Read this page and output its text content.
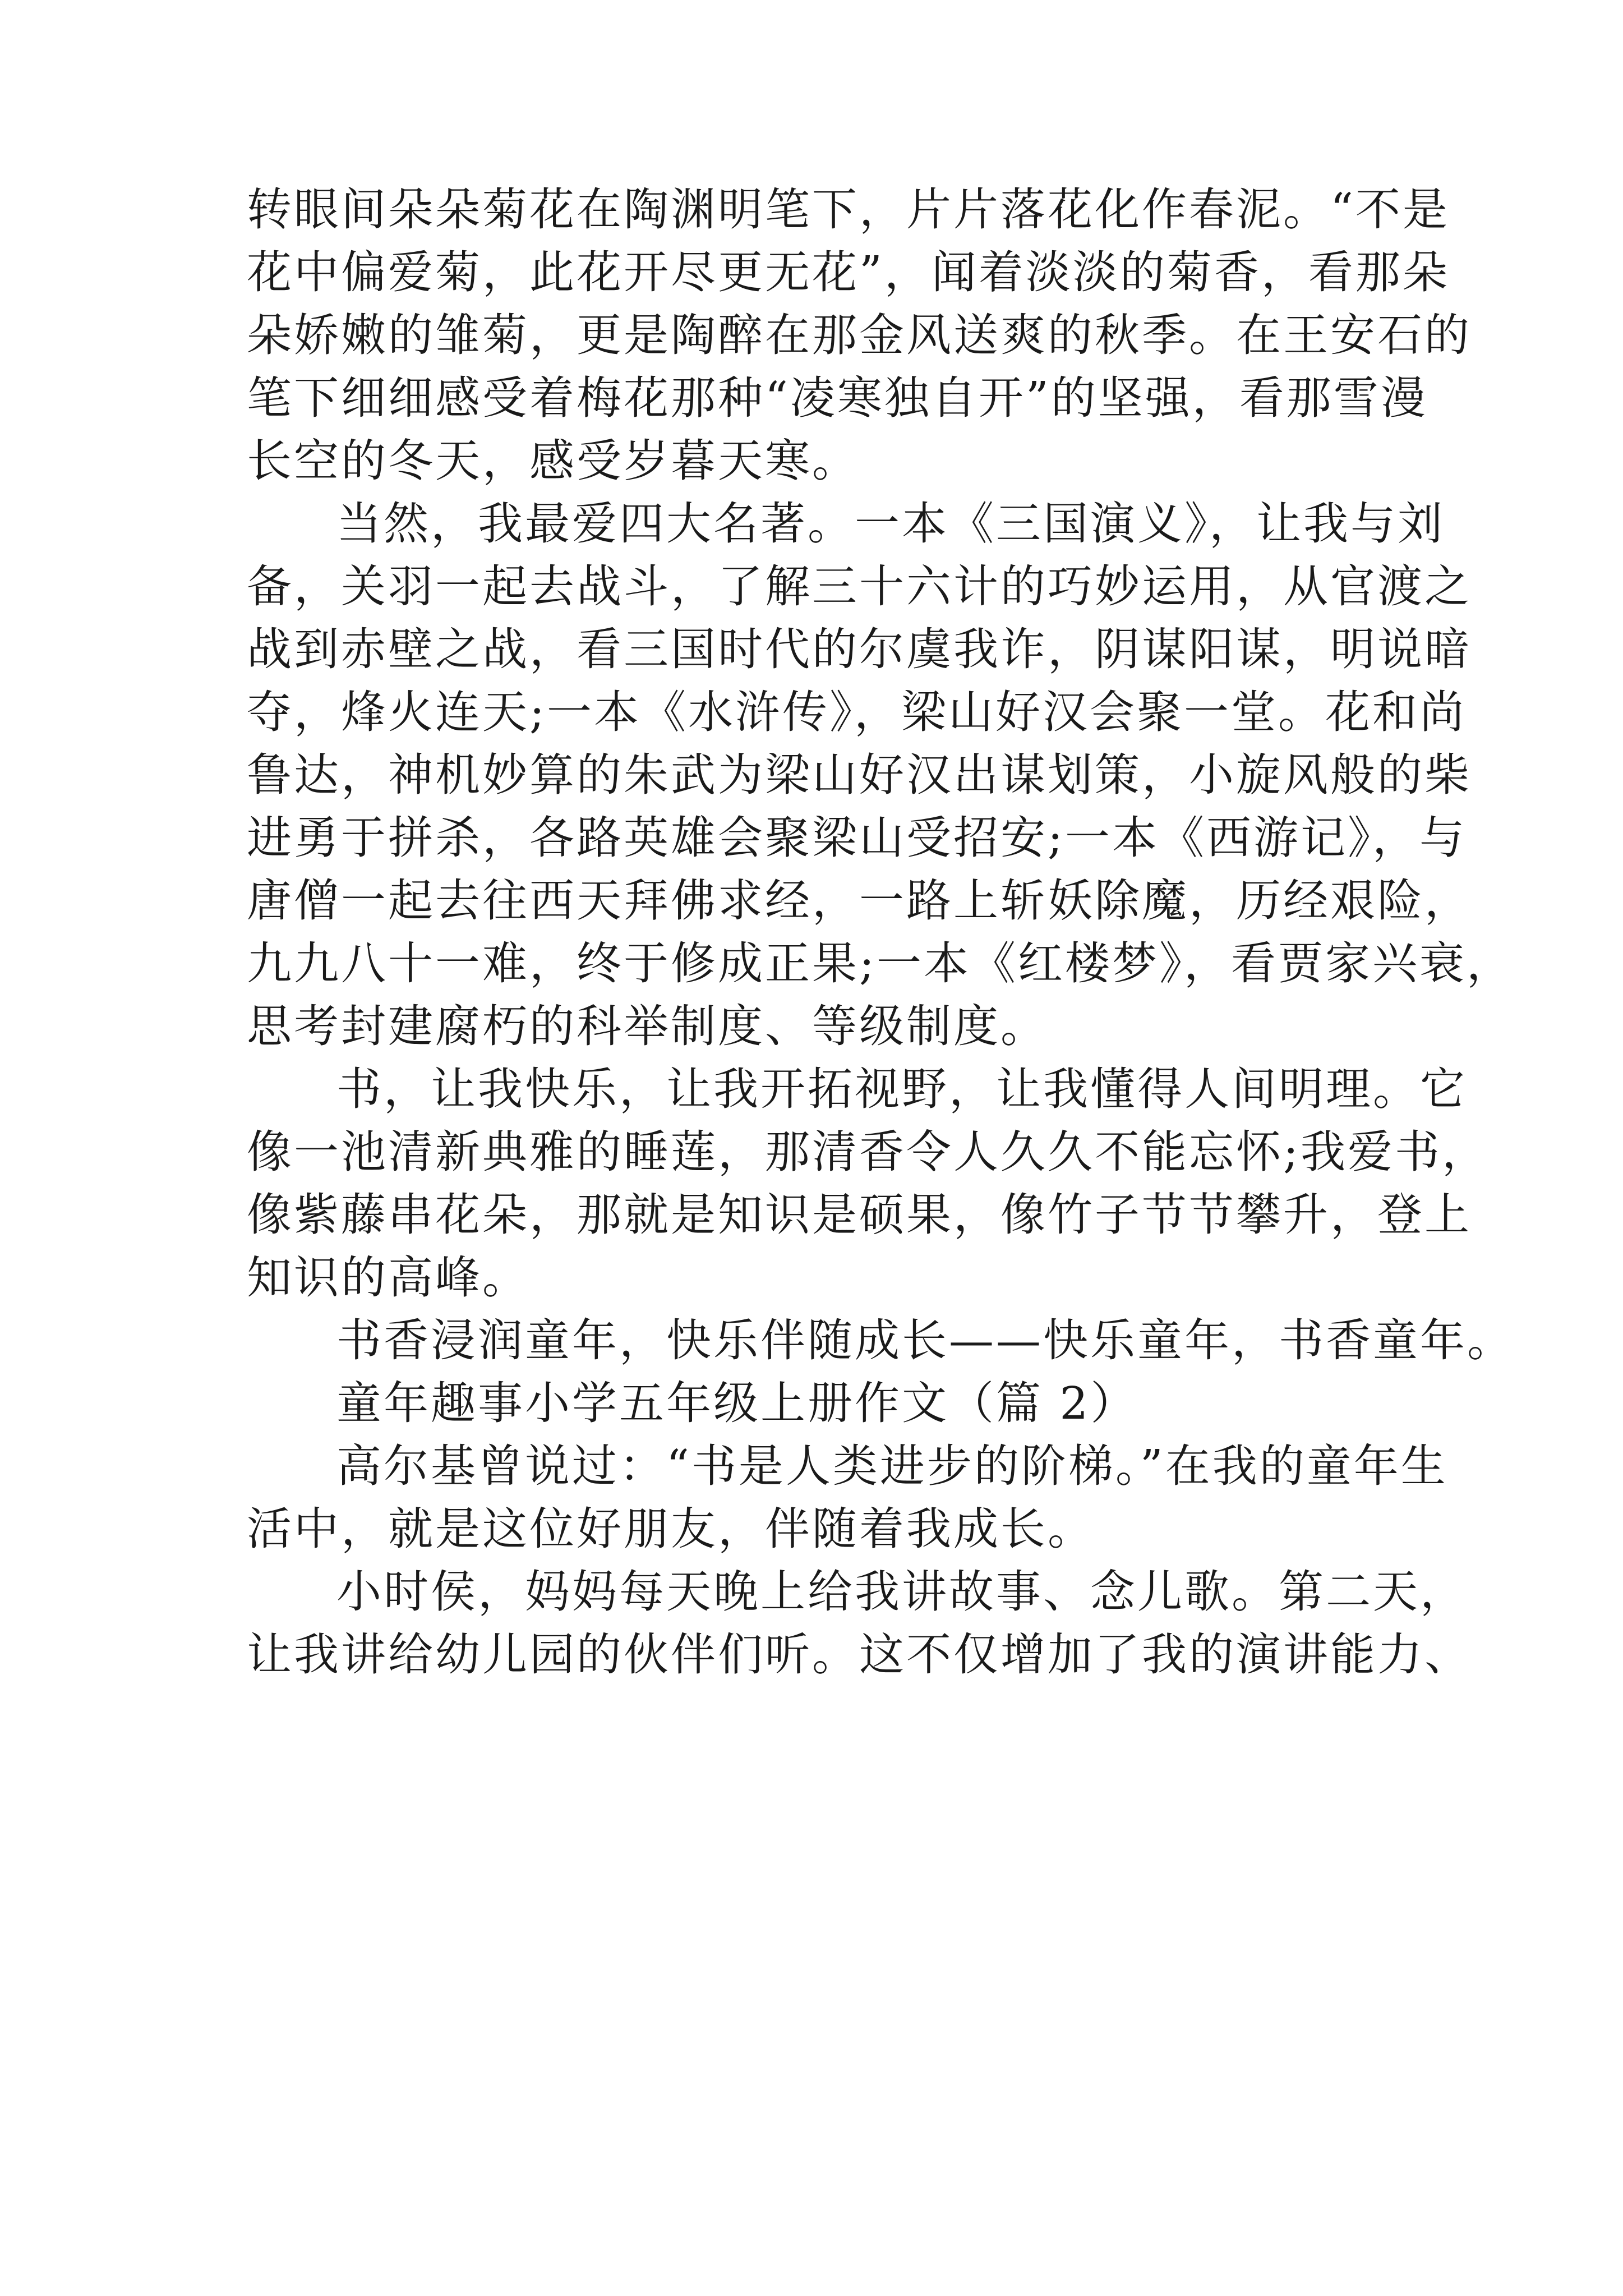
转眼间朵朵菊花在陶渊明笔下，片片落花化作春泥。“不是
花中偏爱菊，此花开尽更无花”，闻着淡淡的菊香，看那朵
朵娇嫩的雏菊，更是陶醉在那金风送爽的秋季。在王安石的
笔下细细感受着梅花那种“凌寒独自开”的坚强，看那雪漫
长空的冬天，感受岁暮天寒。
当然，我最爱四大名著。一本《三国演义》，让我与刘
备，关羽一起去战斗，了解三十六计的巧妙运用，从官渡之
战到赤壁之战，看三国时代的尔虞我诈，阴谋阳谋，明说暗
夺，烽火连天;一本《水浒传》，梁山好汉会聚一堂。花和尚
鲁达，神机妙算的朱武为梁山好汉出谋划策，小旋风般的柴
进勇于拼杀，各路英雄会聚梁山受招安;一本《西游记》，与
唐僧一起去往西天拜佛求经，一路上斩妖除魔，历经艰险，
九九八十一难，终于修成正果;一本《红楼梦》，看贾家兴衰，
思考封建腐朽的科举制度、等级制度。
书，让我快乐，让我开拓视野，让我懂得人间明理。它
像一池清新典雅的睡莲，那清香令人久久不能忘怀;我爱书，
像紫藤串花朵，那就是知识是硕果，像竹子节节攀升，登上
知识的高峰。
书香浸润童年，快乐伴随成长——快乐童年，书香童年。
童年趣事小学五年级上册作文（篇 2）
高尔基曾说过：“书是人类进步的阶梯。”在我的童年生
活中，就是这位好朋友，伴随着我成长。
小时侯，妈妈每天晚上给我讲故事、念儿歌。第二天，
让我讲给幼儿园的伙伴们听。这不仅增加了我的演讲能力、
